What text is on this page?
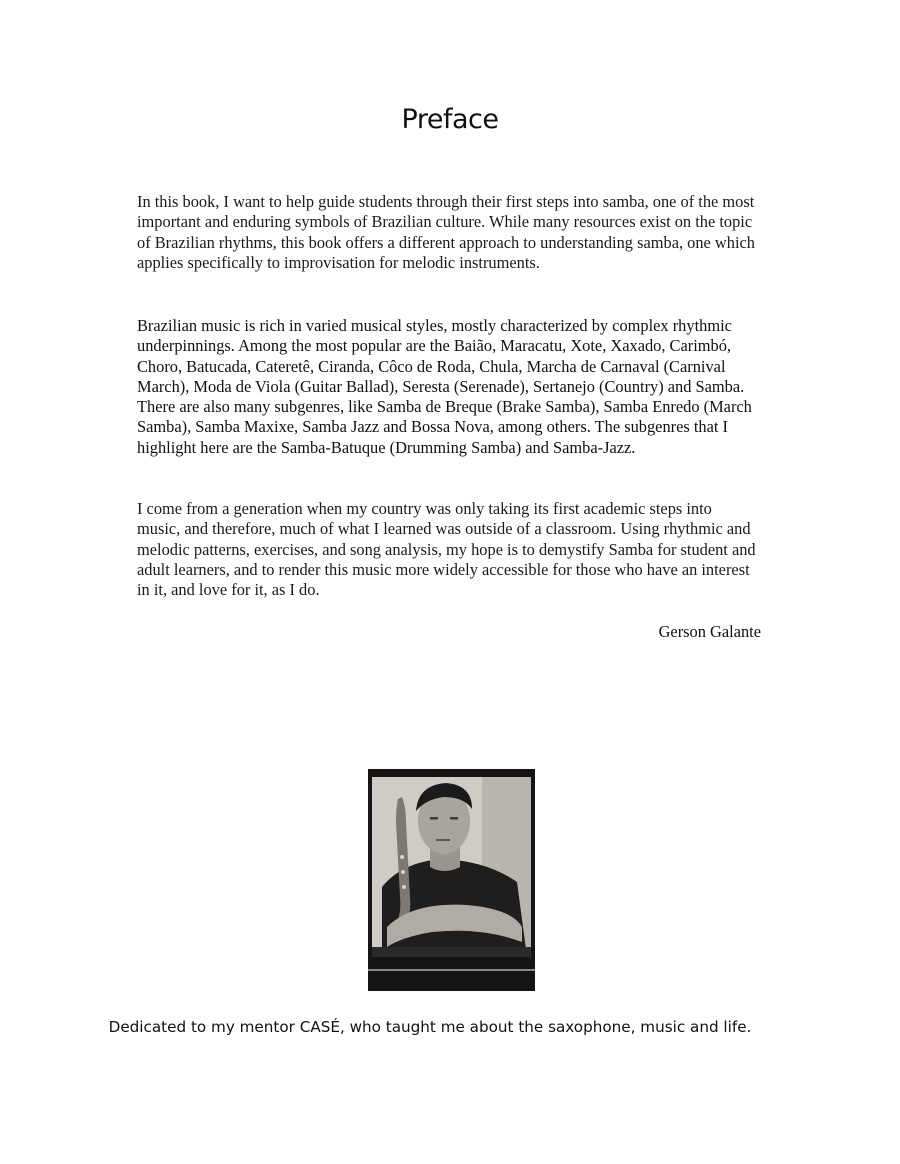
Preface

In this book, I want to help guide students through their first steps into samba, one of the most important and enduring symbols of Brazilian culture. While many resources exist on the topic of Brazilian rhythms, this book offers a different approach to understanding samba, one which applies specifically to improvisation for melodic instruments.

Brazilian music is rich in varied musical styles, mostly characterized by complex rhythmic underpinnings. Among the most popular are the Baião, Maracatu, Xote, Xaxado, Carimbó, Choro, Batucada, Cateretê, Ciranda, Côco de Roda, Chula, Marcha de Carnaval (Carnival March), Moda de Viola (Guitar Ballad), Seresta (Serenade), Sertanejo (Country) and Samba. There are also many subgenres, like Samba de Breque (Brake Samba), Samba Enredo (March Samba), Samba Maxixe, Samba Jazz and Bossa Nova, among others. The subgenres that I highlight here are the Samba-Batuque (Drumming Samba) and Samba-Jazz.

I come from a generation when my country was only taking its first academic steps into music, and therefore, much of what I learned was outside of a classroom. Using rhythmic and melodic patterns, exercises, and song analysis, my hope is to demystify Samba for student and adult learners, and to render this music more widely accessible for those who have an interest in it, and love for it, as I do.

Gerson Galante

Dedicated to my mentor CASÉ, who taught me about the saxophone, music and life.
